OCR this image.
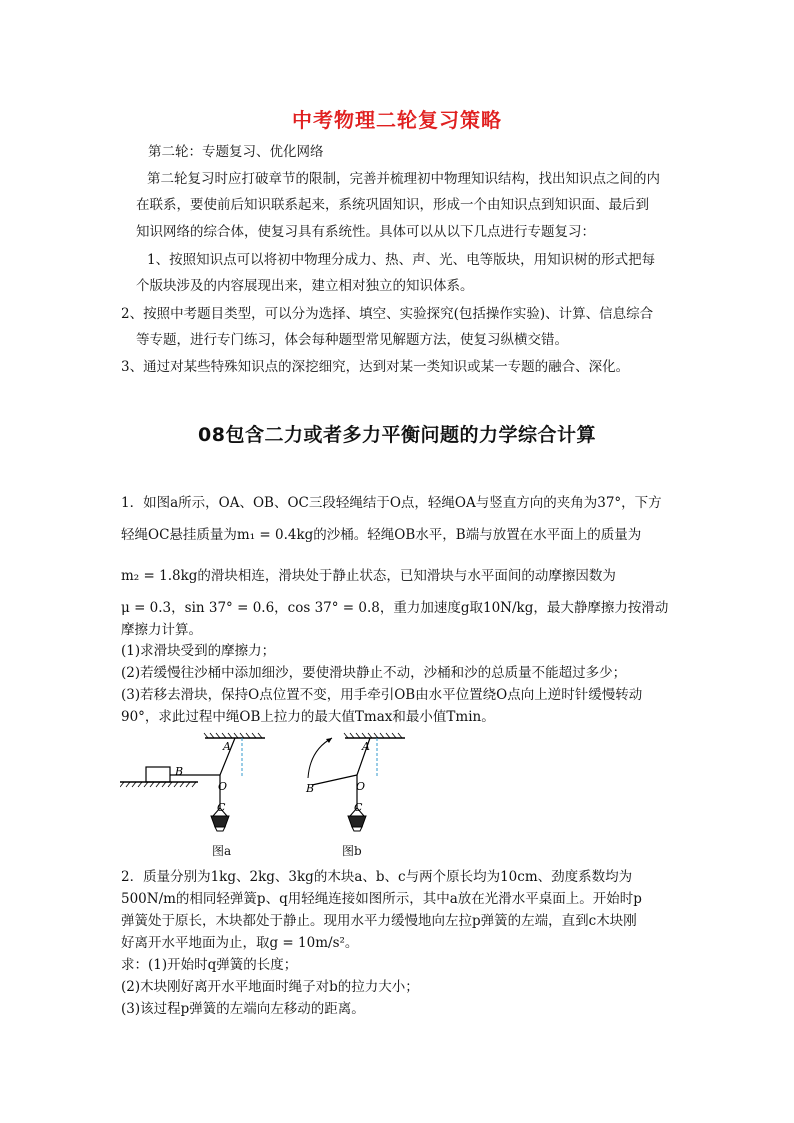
中考物理二轮复习策略
第二轮：专题复习、优化网络
第二轮复习时应打破章节的限制，完善并梳理初中物理知识结构，找出知识点之间的内
在联系，要使前后知识联系起来，系统巩固知识，形成一个由知识点到知识面、最后到
知识网络的综合体，使复习具有系统性。具体可以从以下几点进行专题复习：
1、按照知识点可以将初中物理分成力、热、声、光、电等版块，用知识树的形式把每
个版块涉及的内容展现出来，建立相对独立的知识体系。
2、按照中考题目类型，可以分为选择、填空、实验探究(包括操作实验)、计算、信息综合
等专题，进行专门练习，体会每种题型常见解题方法，使复习纵横交错。
3、通过对某些特殊知识点的深挖细究，达到对某一类知识或某一专题的融合、深化。
08包含二力或者多力平衡问题的力学综合计算
1．如图a所示，OA、OB、OC三段轻绳结于O点，轻绳OA与竖直方向的夹角为37°，下方
轻绳OC悬挂质量为m₁ = 0.4kg的沙桶。轻绳OB水平，B端与放置在水平面上的质量为
m₂ = 1.8kg的滑块相连，滑块处于静止状态，已知滑块与水平面间的动摩擦因数为
μ = 0.3，sin 37° = 0.6，cos 37° = 0.8，重力加速度g取10N/kg，最大静摩擦力按滑动
摩擦力计算。
(1)求滑块受到的摩擦力；
(2)若缓慢往沙桶中添加细沙，要使滑块静止不动，沙桶和沙的总质量不能超过多少；
(3)若移去滑块，保持O点位置不变，用手牵引OB由水平位置绕O点向上逆时针缓慢转动
90°，求此过程中绳OB上拉力的最大值Tmax和最小值Tmin。
A
B
O
C
图a
A
B	O
C
图b
2．质量分别为1kg、2kg、3kg的木块a、b、c与两个原长均为10cm、劲度系数均为
500N/m的相同轻弹簧p、q用轻绳连接如图所示，其中a放在光滑水平桌面上。开始时p
弹簧处于原长，木块都处于静止。现用水平力缓慢地向左拉p弹簧的左端，直到c木块刚
好离开水平地面为止，取g = 10m/s²。
求：(1)开始时q弹簧的长度；
(2)木块刚好离开水平地面时绳子对b的拉力大小；
(3)该过程p弹簧的左端向左移动的距离。
